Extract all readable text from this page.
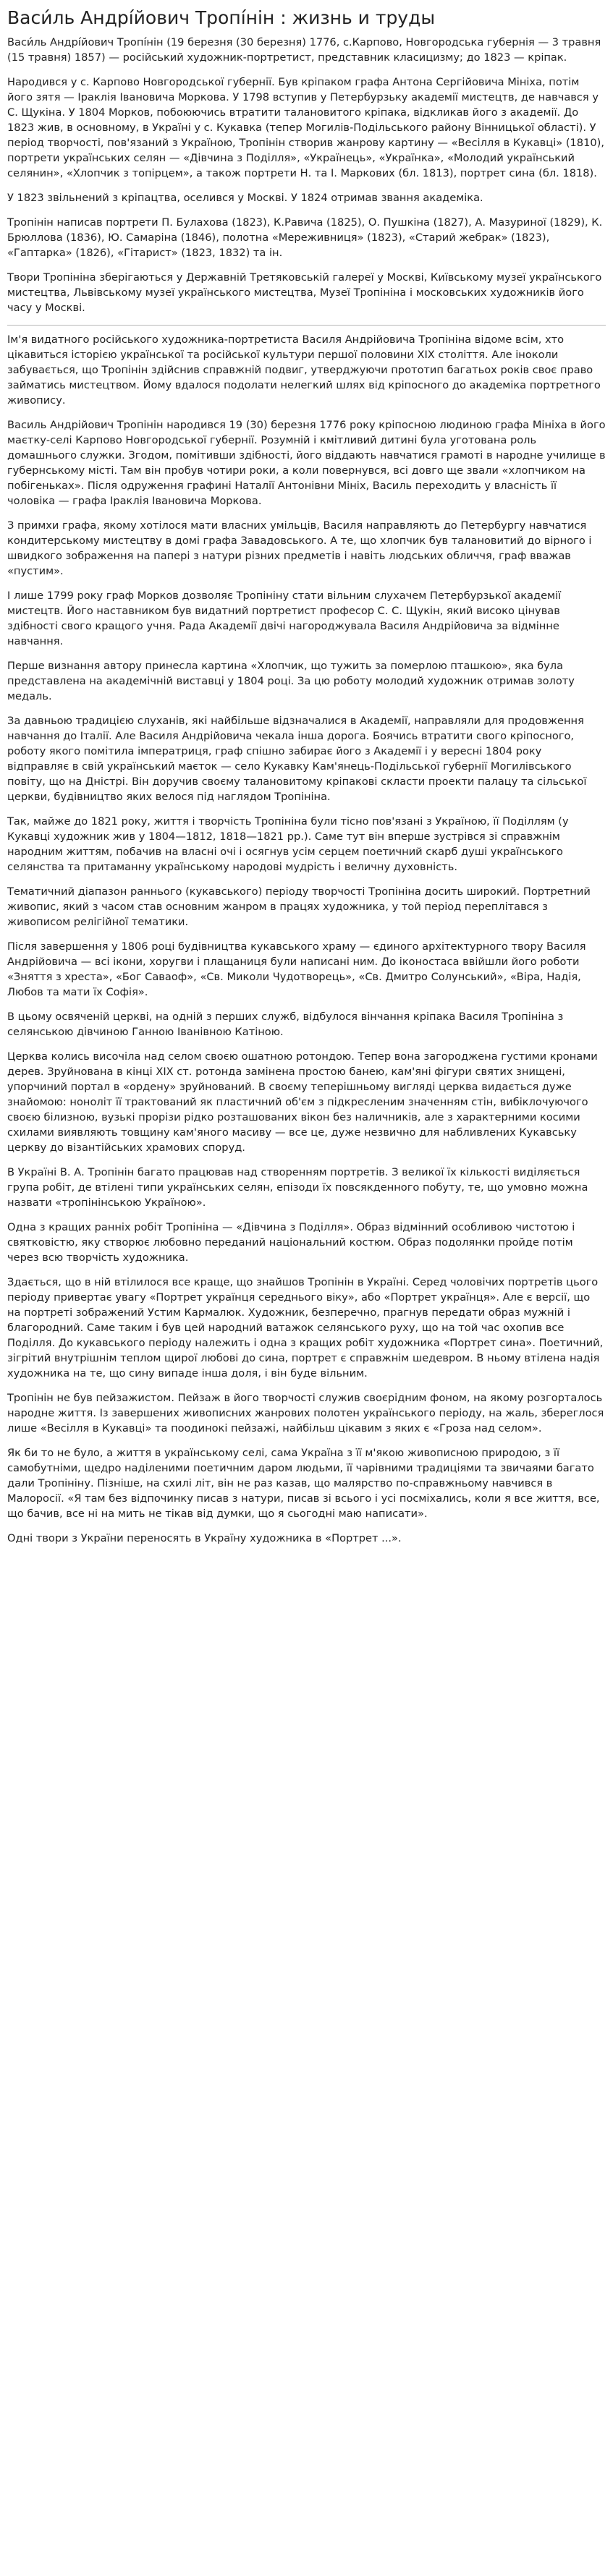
Васи́ль Андрі́йович Тропі́нін : жизнь и труды

Васи́ль Андрі́йович Тропі́нін (19 березня (30 березня) 1776, с.Карпово, Новгородська губернія — 3 травня (15 травня) 1857) — російський художник-портретист, представник класицизму; до 1823 — кріпак.

Народився у с. Карпово Новгородської губернії. Був кріпаком графа Антона Сергійовича Мініха, потім його зятя — Іраклія Івановича Моркова. У 1798 вступив у Петербурзьку академії мистецтв, де навчався у С. Щукіна. У 1804 Морков, побоюючись втратити талановитого кріпака, відкликав його з академії. До 1823 жив, в основному, в Україні у с. Кукавка (тепер Могилів-Подільського району Вінницької області). У період творчості, пов'язаний з Україною, Тропінін створив жанрову картину — «Весілля в Кукавці» (1810), портрети українських селян — «Дівчина з Поділля», «Українець», «Українка», «Молодий український селянин», «Хлопчик з топірцем», а також портрети Н. та І. Маркових (бл. 1813), портрет сина (бл. 1818).

У 1823 звільнений з кріпацтва, оселився у Москві. У 1824 отримав звання академіка.

Тропінін написав портрети П. Булахова (1823), К.Равича (1825), О. Пушкіна (1827), А. Мазуриної (1829), К. Брюллова (1836), Ю. Самаріна (1846), полотна «Мереживниця» (1823), «Старий жебрак» (1823), «Гаптарка» (1826), «Гітарист» (1823, 1832) та ін.

Твори Тропініна зберігаються у Державній Третяковській галереї у Москві, Київському музеї українського мистецтва, Львівському музеї українського мистецтва, Музеї Тропініна і московських художників його часу у Москві.

Ім'я видатного російського художника-портретиста Василя Андрійовича Тропініна відоме всім, хто цікавиться історією української та російської культури першої половини XIX століття. Але іноколи забувається, що Тропінін здійснив справжній подвиг, утверджуючи прототип багатьох років своє право займатись мистецтвом. Йому вдалося подолати нелегкий шлях від кріпосного до академіка портретного живопису.

Василь Андрійович Тропінін народився 19 (30) березня 1776 року кріпосною людиною графа Мініха в його маєтку-селі Карпово Новгородської губернії. Розумній і кмітливий дитині була уготована роль домашнього служки. Згодом, помітивши здібності, його віддають навчатися грамоті в народне училище в губернському місті. Там він пробув чотири роки, а коли повернувся, всі довго ще звали «хлопчиком на побігеньках». Після одруження графині Наталії Антонівни Мініх, Василь переходить у власність її чоловіка — графа Іраклія Івановича Моркова.

З примхи графа, якому хотілося мати власних умільців, Василя направляють до Петербургу навчатися кондитерському мистецтву в домі графа Завадовського. А те, що хлопчик був талановитий до вірного і швидкого зображення на папері з натури різних предметів і навіть людських обличчя, граф вважав «пустим».

І лише 1799 року граф Морков дозволяє Тропініну стати вільним слухачем Петербурзької академії мистецтв. Його наставником був видатний портретист професор С. С. Щукін, який високо цінував здібності свого кращого учня. Рада Академії двічі нагороджувала Василя Андрійовича за відмінне навчання.

Перше визнання автору принесла картина «Хлопчик, що тужить за померлою пташкою», яка була представлена на академічній виставці у 1804 році. За цю роботу молодий художник отримав золоту медаль.

За давньою традицією слуханів, які найбільше відзначалися в Академії, направляли для продовження навчання до Італії. Але Василя Андрійовича чекала інша дорога. Боячись втратити свого кріпосного, роботу якого помітила імператриця, граф спішно забирає його з Академії і у вересні 1804 року відправляє в свій український маєток — село Кукавку Кам'янець-Подільської губернії Могилівського повіту, що на Дністрі. Він доручив своєму талановитому кріпакові скласти проекти палацу та сільської церкви, будівництво яких велося під наглядом Тропініна.

Так, майже до 1821 року, життя і творчість Тропініна були тісно пов'язані з Україною, її Поділлям (у Кукавці художник жив у 1804—1812, 1818—1821 рр.). Саме тут він вперше зустрівся зі справжнім народним життям, побачив на власні очі і осягнув усім серцем поетичний скарб душі українського селянства та притаманну українському народові мудрість і величну духовність.

Тематичний діапазон раннього (кукавського) періоду творчості Тропініна досить широкий. Портретний живопис, який з часом став основним жанром в працях художника, у той період переплітався з живописом релігійної тематики.

Після завершення у 1806 році будівництва кукавського храму — єдиного архітектурного твору Василя Андрійовича — всі ікони, хоругви і плащаниця були написані ним. До іконостаса ввійшли його роботи «Зняття з хреста», «Бог Саваоф», «Св. Миколи Чудотворець», «Св. Дмитро Солунський», «Віра, Надія, Любов та мати їх Софія».

В цьому освяченій церкві, на одній з перших служб, відбулося вінчання кріпака Василя Тропініна з селянською дівчиною Ганною Іванівною Катіною.

Церква колись височіла над селом своєю ошатною ротондою. Тепер вона загороджена густими кронами дерев. Зруйнована в кінці XIX ст. ротонда замінена простою банею, кам'яні фігури святих знищені, упорчиний портал в «ордену» зруйнований. В своєму теперішньому вигляді церква видається дуже знайомою: ноноліт її трактований як пластичний об'єм з підкресленим значенням стін, вибіклочуючого своєю білизною, вузькі прорізи рідко розташованих вікон без наличників, але з характерними косими схилами виявляють товщину кам'яного масиву — все це, дуже незвично для набливлених Кукавську церкву до візантійських храмових споруд.

В Україні В. А. Тропінін багато працював над створенням портретів. З великої їх кількості виділяється група робіт, де втілені типи українських селян, епізоди їх повсякденного побуту, те, що умовно можна назвати «тропінінською Україною».

Одна з кращих ранніх робіт Тропініна — «Дівчина з Поділля». Образ відмінний особливою чистотою і святковістю, яку створює любовно переданий національний костюм. Образ подолянки пройде потім через всю творчість художника.

Здається, що в ній втілилося все краще, що знайшов Тропінін в Україні. Серед чоловічих портретів цього періоду привертає увагу «Портрет українця середнього віку», або «Портрет українця». Але є версії, що на портреті зображений Устим Кармалюк. Художник, безперечно, прагнув передати образ мужній і благородний. Саме таким і був цей народний ватажок селянського руху, що на той час охопив все Поділля. До кукавського періоду належить і одна з кращих робіт художника «Портрет сина». Поетичний, зігрітий внутрішнім теплом щирої любові до сина, портрет є справжнім шедевром. В ньому втілена надія художника на те, що сину випаде інша доля, і він буде вільним.

Тропінін не був пейзажистом. Пейзаж в його творчості служив своєрідним фоном, на якому розгорталось народне життя. Із завершених живописних жанрових полотен українського періоду, на жаль, збереглося лише «Весілля в Кукавці» та поодинокі пейзажі, найбільш цікавим з яких є «Гроза над селом».

Як би то не було, а життя в українському селі, сама Україна з її м'якою живописною природою, з її самобутніми, щедро наділеними поетичним даром людьми, її чарівними традиціями та звичаями багато дали Тропініну. Пізніше, на схилі літ, він не раз казав, що малярство по-справжньому навчився в Малоросії. «Я там без відпочинку писав з натури, писав зі всього і усі посміхались, коли я все життя, все, що бачив, все ні на мить не тікав від думки, що я сьогодні маю написати».

Одні твори з України переносять в Україну художника в «Портрет ...».
